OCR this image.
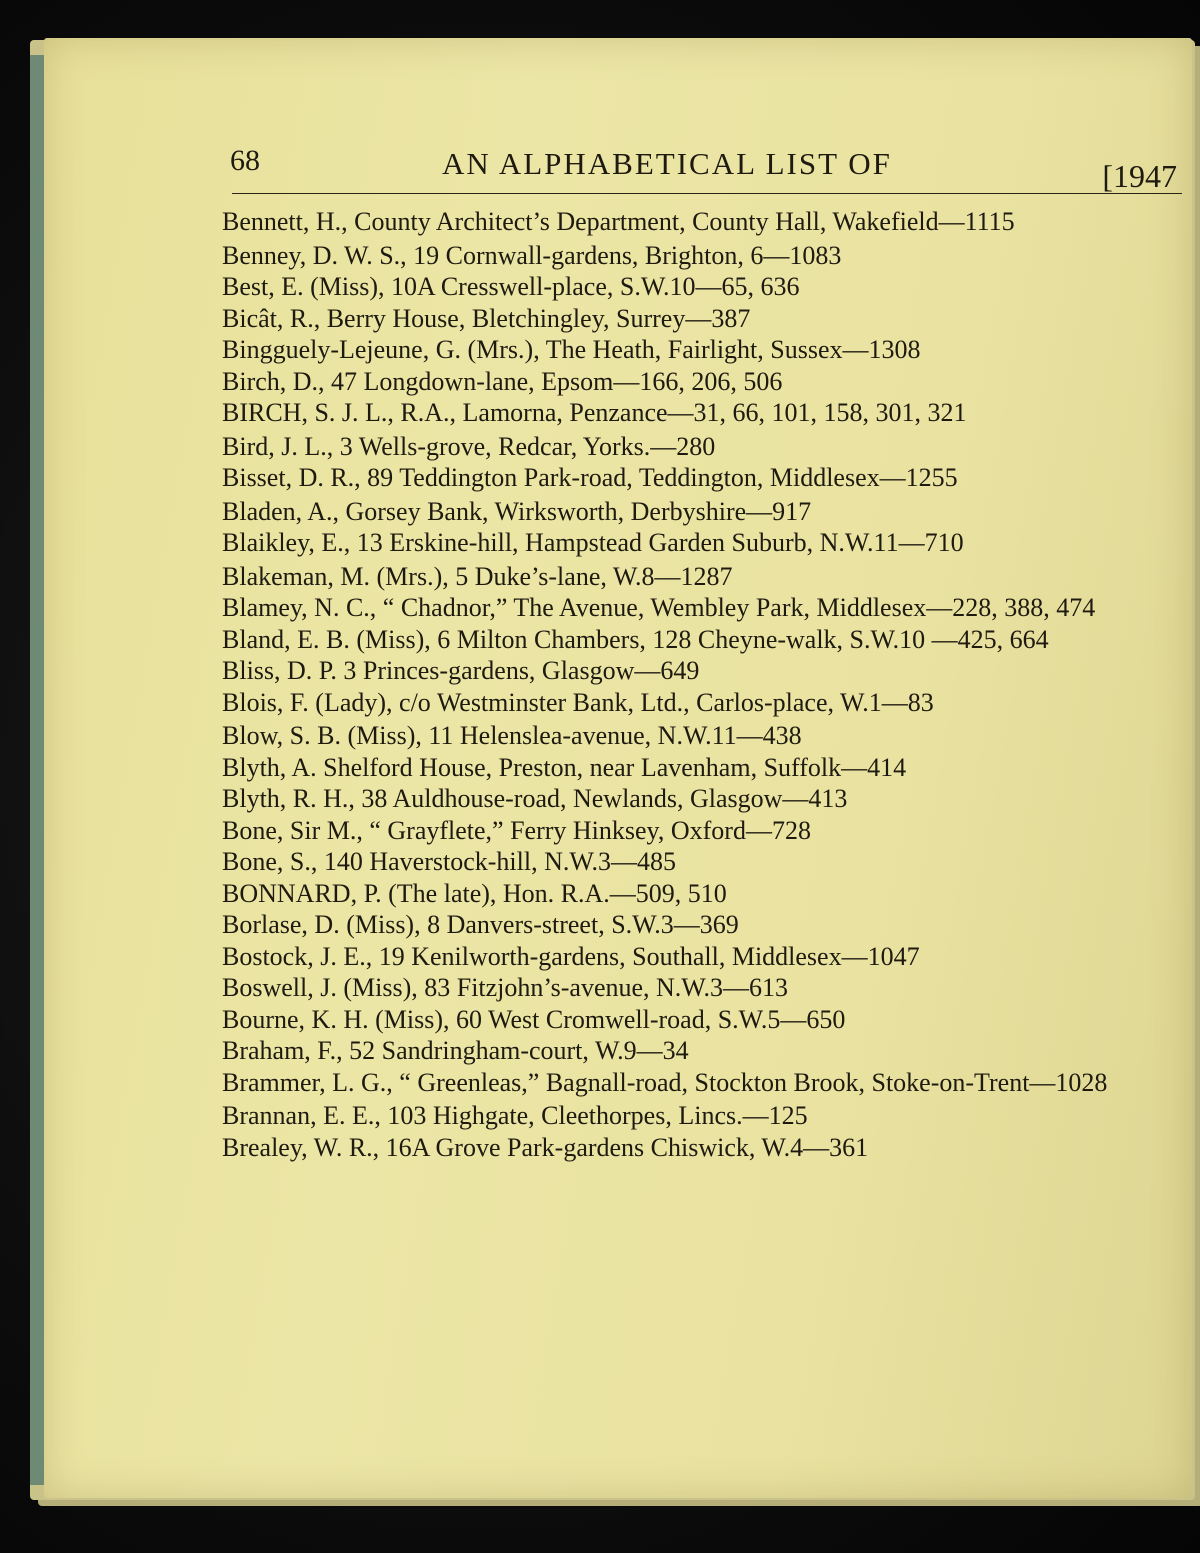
68	AN ALPHABETICAL LIST OF	[1947

Bennett, H., County Architect’s Department, County Hall, Wakefield—1115

Benney, D. W. S., 19 Cornwall-gardens, Brighton, 6—1083

Best, E. (Miss), 10A Cresswell-place, S.W.10—65, 636

Bicât, R., Berry House, Bletchingley, Surrey—387

Bingguely-Lejeune, G. (Mrs.), The Heath, Fairlight, Sussex—1308

Birch, D., 47 Longdown-lane, Epsom—166, 206, 506

BIRCH, S. J. L., R.A., Lamorna, Penzance—31, 66, 101, 158, 301, 321

Bird, J. L., 3 Wells-grove, Redcar, Yorks.—280

Bisset, D. R., 89 Teddington Park-road, Teddington, Middlesex—1255

Bladen, A., Gorsey Bank, Wirksworth, Derbyshire—917

Blaikley, E., 13 Erskine-hill, Hampstead Garden Suburb, N.W.11—710

Blakeman, M. (Mrs.), 5 Duke’s-lane, W.8—1287

Blamey, N. C., “ Chadnor,” The Avenue, Wembley Park, Middlesex—228, 388, 474

Bland, E. B. (Miss), 6 Milton Chambers, 128 Cheyne-walk, S.W.10 —425, 664

Bliss, D. P. 3 Princes-gardens, Glasgow—649

Blois, F. (Lady), c/o Westminster Bank, Ltd., Carlos-place, W.1—83

Blow, S. B. (Miss), 11 Helenslea-avenue, N.W.11—438

Blyth, A. Shelford House, Preston, near Lavenham, Suffolk—414

Blyth, R. H., 38 Auldhouse-road, Newlands, Glasgow—413

Bone, Sir M., “ Grayflete,” Ferry Hinksey, Oxford—728

Bone, S., 140 Haverstock-hill, N.W.3—485

BONNARD, P. (The late), Hon. R.A.—509, 510

Borlase, D. (Miss), 8 Danvers-street, S.W.3—369

Bostock, J. E., 19 Kenilworth-gardens, Southall, Middlesex—1047

Boswell, J. (Miss), 83 Fitzjohn’s-avenue, N.W.3—613

Bourne, K. H. (Miss), 60 West Cromwell-road, S.W.5—650

Braham, F., 52 Sandringham-court, W.9—34

Brammer, L. G., “ Greenleas,” Bagnall-road, Stockton Brook, Stoke-on-Trent—1028

Brannan, E. E., 103 Highgate, Cleethorpes, Lincs.—125

Brealey, W. R., 16A Grove Park-gardens Chiswick, W.4—361
